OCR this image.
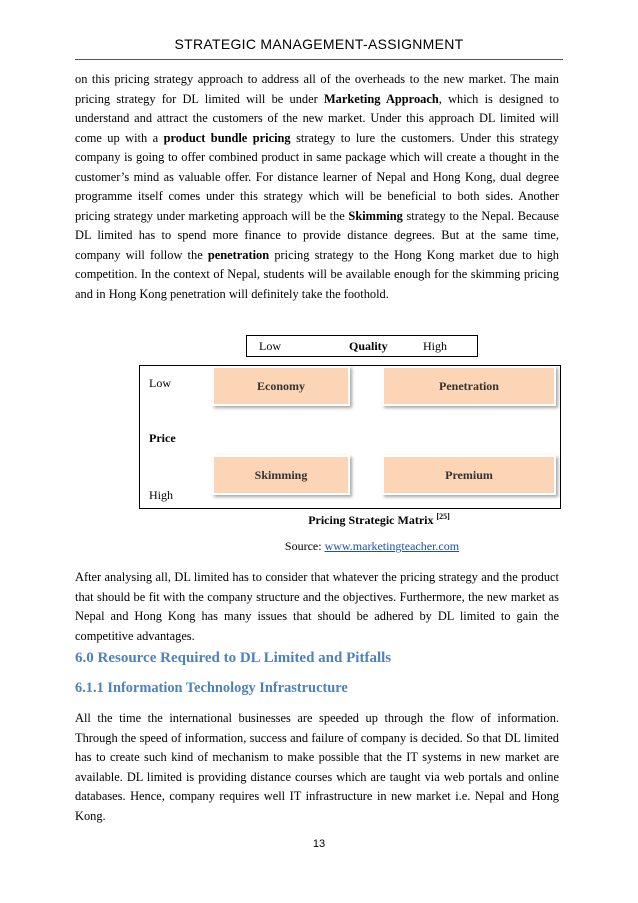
STRATEGIC MANAGEMENT-ASSIGNMENT

on this pricing strategy approach to address all of the overheads to the new market. The main pricing strategy for DL limited will be under Marketing Approach, which is designed to understand and attract the customers of the new market. Under this approach DL limited will come up with a product bundle pricing strategy to lure the customers. Under this strategy company is going to offer combined product in same package which will create a thought in the customer’s mind as valuable offer. For distance learner of Nepal and Hong Kong, dual degree programme itself comes under this strategy which will be beneficial to both sides. Another pricing strategy under marketing approach will be the Skimming strategy to the Nepal. Because DL limited has to spend more finance to provide distance degrees. But at the same time, company will follow the penetration pricing strategy to the Hong Kong market due to high competition. In the context of Nepal, students will be available enough for the skimming pricing and in Hong Kong penetration will definitely take the foothold.

Low	Quality	High
Low
Price
High
Economy	Penetration
Skimming	Premium
Pricing Strategic Matrix [25]
Source: www.marketingteacher.com

After analysing all, DL limited has to consider that whatever the pricing strategy and the product that should be fit with the company structure and the objectives. Furthermore, the new market as Nepal and Hong Kong has many issues that should be adhered by DL limited to gain the competitive advantages.

6.0 Resource Required to DL Limited and Pitfalls
6.1.1 Information Technology Infrastructure

All the time the international businesses are speeded up through the flow of information. Through the speed of information, success and failure of company is decided. So that DL limited has to create such kind of mechanism to make possible that the IT systems in new market are available. DL limited is providing distance courses which are taught via web portals and online databases. Hence, company requires well IT infrastructure in new market i.e. Nepal and Hong Kong.

13
